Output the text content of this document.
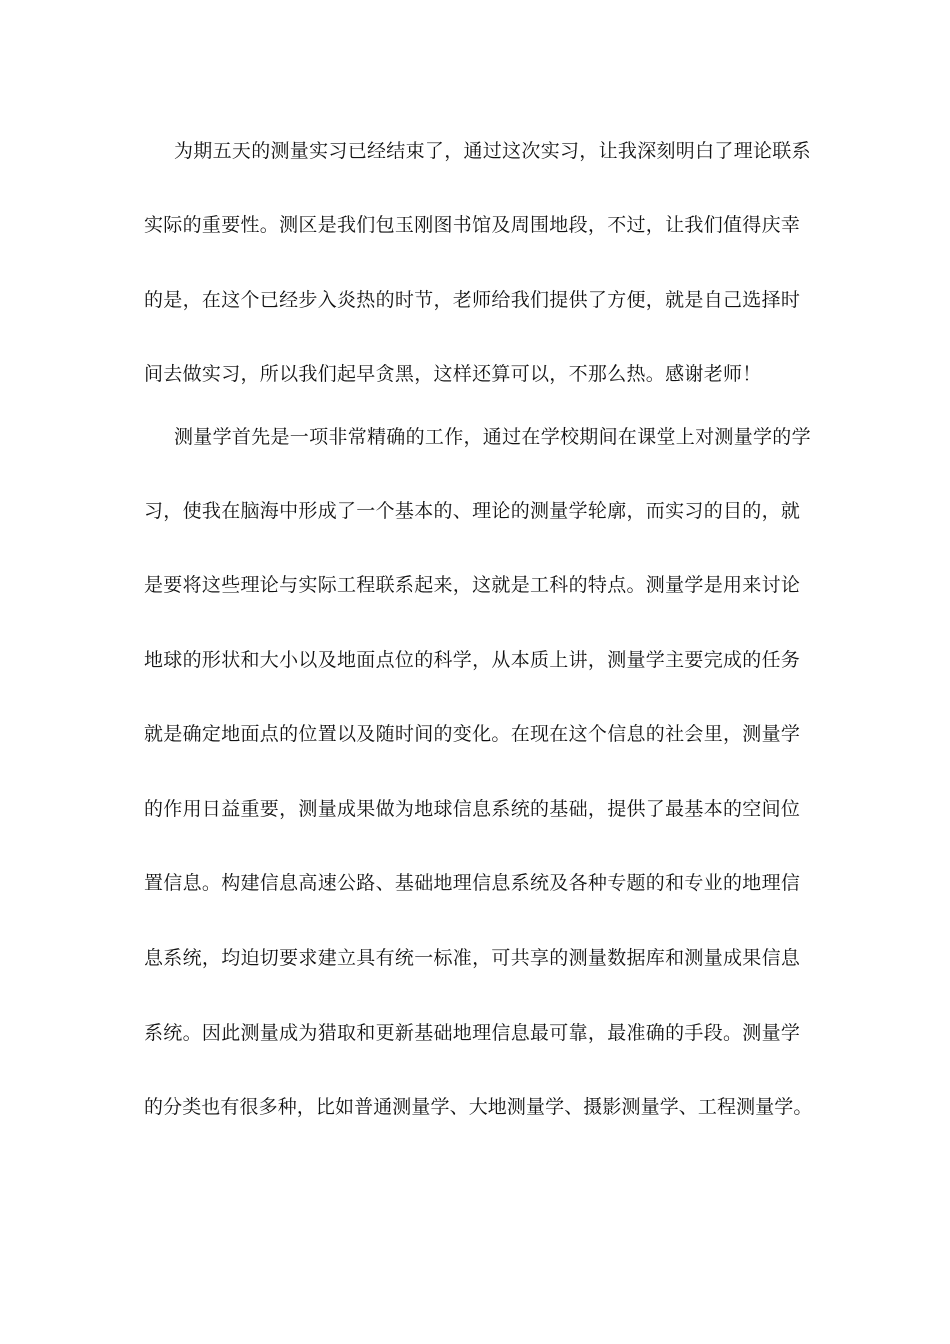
为期五天的测量实习已经结束了，通过这次实习，让我深刻明白了理论联系
实际的重要性。测区是我们包玉刚图书馆及周围地段，不过，让我们值得庆幸
的是，在这个已经步入炎热的时节，老师给我们提供了方便，就是自己选择时
间去做实习，所以我们起早贪黑，这样还算可以，不那么热。感谢老师！
测量学首先是一项非常精确的工作，通过在学校期间在课堂上对测量学的学
习，使我在脑海中形成了一个基本的、理论的测量学轮廓，而实习的目的，就
是要将这些理论与实际工程联系起来，这就是工科的特点。测量学是用来讨论
地球的形状和大小以及地面点位的科学，从本质上讲，测量学主要完成的任务
就是确定地面点的位置以及随时间的变化。在现在这个信息的社会里，测量学
的作用日益重要，测量成果做为地球信息系统的基础，提供了最基本的空间位
置信息。构建信息高速公路、基础地理信息系统及各种专题的和专业的地理信
息系统，均迫切要求建立具有统一标准，可共享的测量数据库和测量成果信息
系统。因此测量成为猎取和更新基础地理信息最可靠，最准确的手段。测量学
的分类也有很多种，比如普通测量学、大地测量学、摄影测量学、工程测量学。
